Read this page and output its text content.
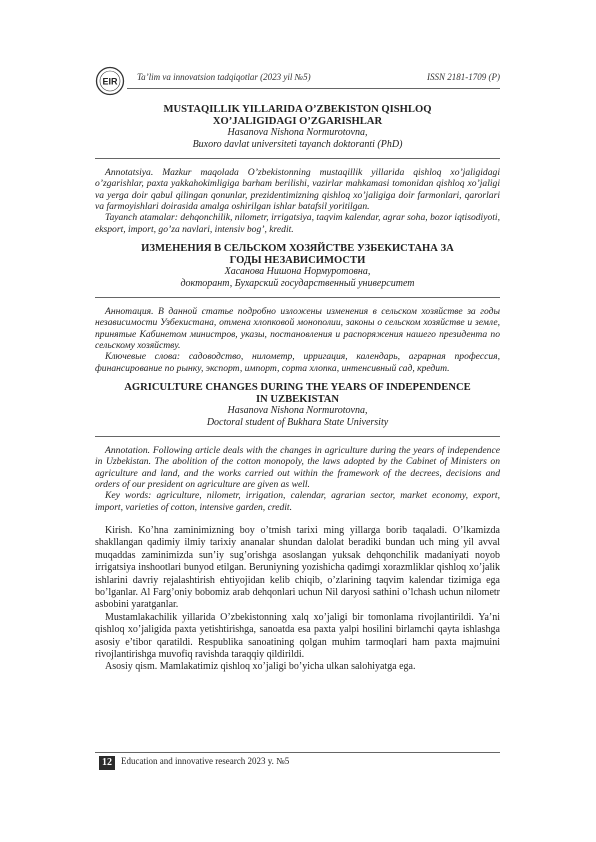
EIR Ta’lim va innovatsion tadqiqotlar (2023 yil №5)	ISSN 2181-1709 (P)

MUSTAQILLIK YILLARIDA O’ZBEKISTON QISHLOQ

XO’JALIGIDAGI O’ZGARISHLAR

Hasanova Nishona Normurotovna,

Buxoro davlat universiteti tayanch doktoranti (PhD)

Annotatsiya. Mazkur maqolada O’zbekistonning mustaqillik yillarida qishloq xo’jaligidagi o’zgarishlar, paxta yakkahokimligiga barham berilishi, vazirlar mahkamasi tomonidan qishloq xo’jaligi va yerga doir qabul qilingan qonunlar, prezidentimizning qishloq xo’jaligiga doir farmonlari, qarorlari va farmoyishlari doirasida amalga oshirilgan ishlar batafsil yoritilgan.

Tayanch atamalar: dehqonchilik, nilometr, irrigatsiya, taqvim kalendar, agrar soha, bozor iqtisodiyoti, eksport, import, go’za navlari, intensiv bog’, kredit.

ИЗМЕНЕНИЯ В СЕЛЬСКОМ ХОЗЯЙСТВЕ УЗБЕКИСТАНА ЗА

ГОДЫ НЕЗАВИСИМОСТИ

Хасанова Нишона Нормуротовна,

докторант, Бухарский государственный университет

Аннотация. В данной статье подробно изложены изменения в сельском хозяйстве за годы независимости Узбекистана, отмена хлопковой монополии, законы о сельском хозяйстве и земле, принятые Кабинетом министров, указы, постановления и распоряжения нашего президента по сельскому хозяйству.

Ключевые слова: садоводство, нилометр, ирригация, календарь, аграрная профессия, финансирование по рынку, экспорт, импорт, сорта хлопка, интенсивный сад, кредит.

AGRICULTURE CHANGES DURING THE YEARS OF INDEPENDENCE

IN UZBEKISTAN

Hasanova Nishona Normurotovna,

Doctoral student of Bukhara State University

Annotation. Following article deals with the changes in agriculture during the years of independence in Uzbekistan. The abolition of the cotton monopoly, the laws adopted by the Cabinet of Ministers on agriculture and land, and the works carried out within the framework of the decrees, decisions and orders of our president on agriculture are given as well.

Key words: agriculture, nilometr, irrigation, calendar, agrarian sector, market economy, export, import, varieties of cotton, intensive garden, credit.

Kirish. Ko’hna zaminimizning boy o’tmish tarixi ming yillarga borib taqaladi. O’lkamizda shakllangan qadimiy ilmiy tarixiy ananalar shundan dalolat beradiki bundan uch ming yil avval muqaddas zaminimizda sun’iy sug’orishga asoslangan yuksak dehqonchilik madaniyati noyob irrigatsiya inshootlari bunyod etilgan. Beruniyning yozishicha qadimgi xorazmliklar qishloq xo’jalik ishlarini davriy rejalashtirish ehtiyojidan kelib chiqib, o’zlarining taqvim kalendar tizimiga ega bo’lganlar. Al Farg’oniy bobomiz arab dehqonlari uchun Nil daryosi sathini o’lchash uchun nilometr asbobini yaratganlar.

Mustamlakachilik yillarida O’zbekistonning xalq xo’jaligi bir tomonlama rivojlantirildi. Ya’ni qishloq xo’jaligida paxta yetishtirishga, sanoatda esa paxta yalpi hosilini birlamchi qayta ishlashga asosiy e’tibor qaratildi. Respublika sanoatining qolgan muhim tarmoqlari ham paxta majmuini rivojlantirishga muvofiq ravishda taraqqiy qildirildi.

Asosiy qism. Mamlakatimiz qishloq xo’jaligi bo’yicha ulkan salohiyatga ega.

12	Education and innovative research 2023 y. №5
